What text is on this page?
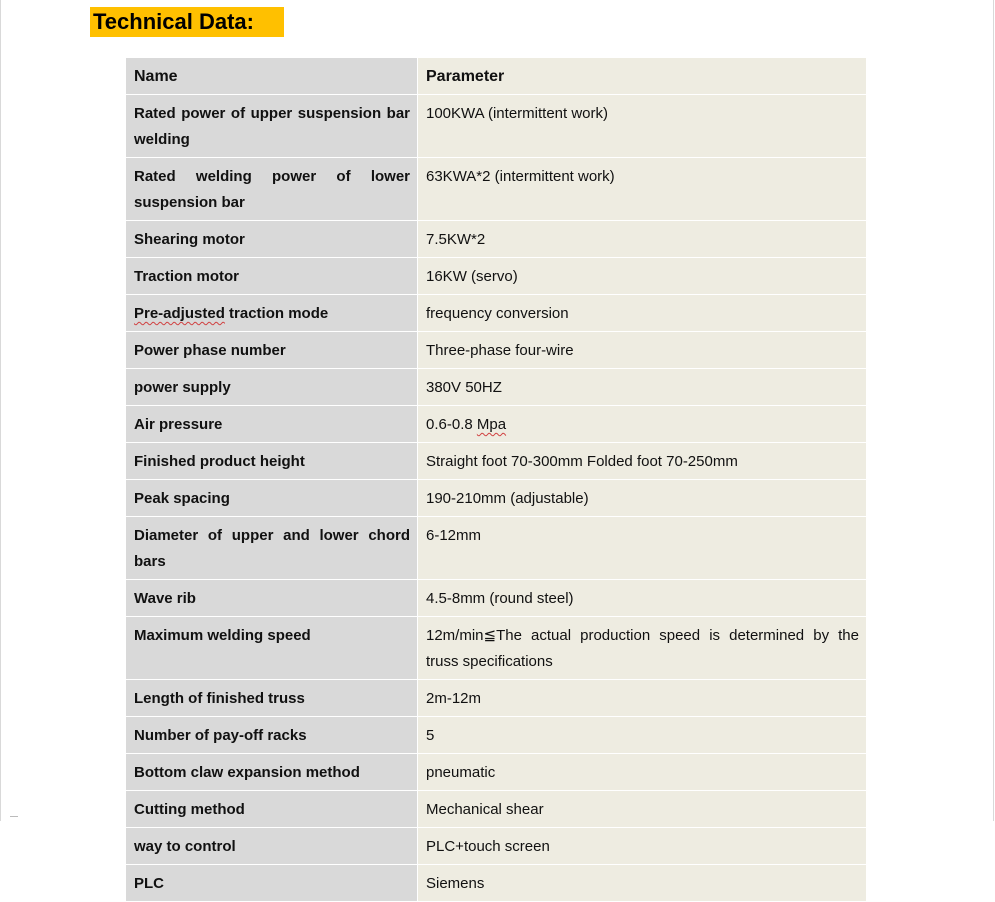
Technical Data:
Name	Parameter
Rated power of upper suspension bar welding	100KWA (intermittent work)
Rated welding power of lower suspension bar	63KWA*2 (intermittent work)
Shearing motor	7.5KW*2
Traction motor	16KW (servo)
Pre-adjusted traction mode	frequency conversion
Power phase number	Three-phase four-wire
power supply	380V 50HZ
Air pressure	0.6-0.8 Mpa
Finished product height	Straight foot 70-300mm Folded foot 70-250mm
Peak spacing	190-210mm (adjustable)
Diameter of upper and lower chord bars	6-12mm
Wave rib	4.5-8mm (round steel)
Maximum welding speed	12m/min≦The actual production speed is determined by the truss specifications
Length of finished truss	2m-12m
Number of pay-off racks	5
Bottom claw expansion method	pneumatic
Cutting method	Mechanical shear
way to control	PLC+touch screen
PLC	Siemens
